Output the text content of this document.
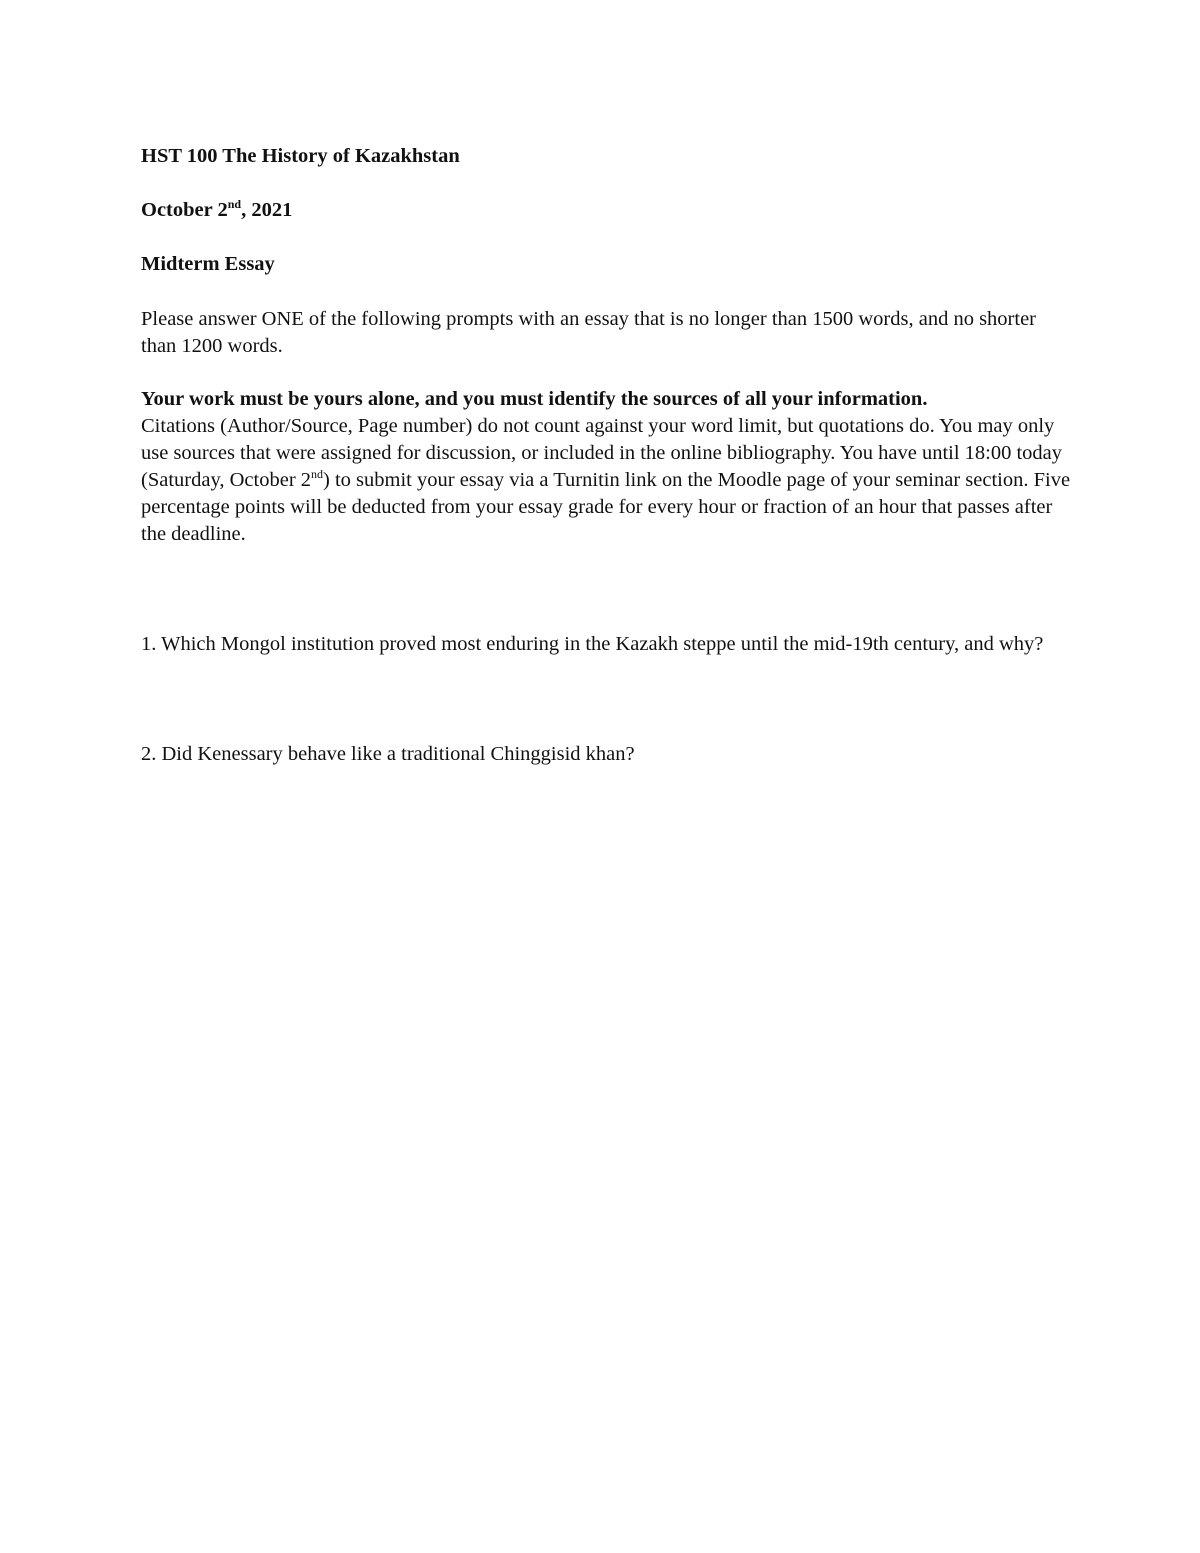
HST 100 The History of Kazakhstan

October 2nd, 2021

Midterm Essay

Please answer ONE of the following prompts with an essay that is no longer than 1500 words, and no shorter than 1200 words.

Your work must be yours alone, and you must identify the sources of all your information.
Citations (Author/Source, Page number) do not count against your word limit, but quotations do. You may only use sources that were assigned for discussion, or included in the online bibliography. You have until 18:00 today (Saturday, October 2nd) to submit your essay via a Turnitin link on the Moodle page of your seminar section. Five percentage points will be deducted from your essay grade for every hour or fraction of an hour that passes after the deadline.

1. Which Mongol institution proved most enduring in the Kazakh steppe until the mid-19th century, and why?

2. Did Kenessary behave like a traditional Chinggisid khan?
